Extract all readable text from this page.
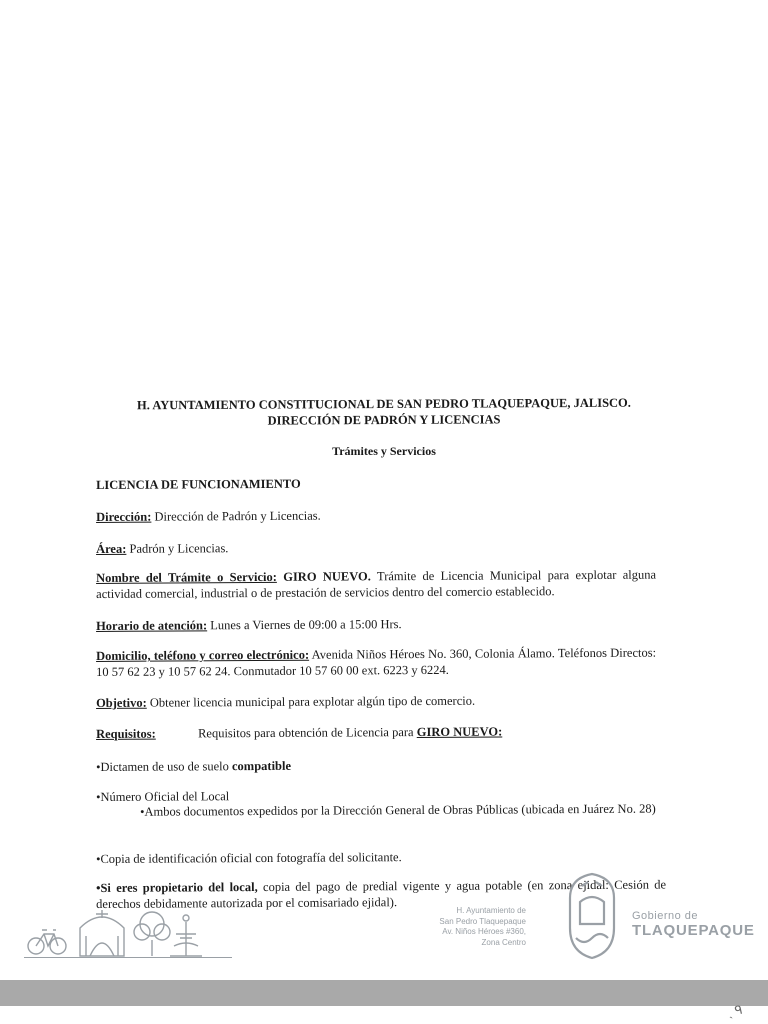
H. AYUNTAMIENTO CONSTITUCIONAL DE SAN PEDRO TLAQUEPAQUE, JALISCO.
DIRECCIÓN DE PADRÓN Y LICENCIAS
Trámites y Servicios
LICENCIA DE FUNCIONAMIENTO
Dirección: Dirección de Padrón y Licencias.
Área: Padrón y Licencias.
Nombre del Trámite o Servicio: GIRO NUEVO. Trámite de Licencia Municipal para explotar alguna actividad comercial, industrial o de prestación de servicios dentro del comercio establecido.
Horario de atención: Lunes a Viernes de 09:00 a 15:00 Hrs.
Domicilio, teléfono y correo electrónico: Avenida Niños Héroes No. 360, Colonia Álamo. Teléfonos Directos: 10 57 62 23 y 10 57 62 24. Conmutador 10 57 60 00 ext. 6223 y 6224.
Objetivo: Obtener licencia municipal para explotar algún tipo de comercio.
Requisitos:	Requisitos para obtención de Licencia para GIRO NUEVO:
•Dictamen de uso de suelo compatible
•Número Oficial del Local
•Ambos documentos expedidos por la Dirección General de Obras Públicas (ubicada en Juárez No. 28)
•Copia de identificación oficial con fotografía del solicitante.
•Si eres propietario del local, copia del pago de predial vigente y agua potable (en zona ejidal: Cesión de derechos debidamente autorizada por el comisariado ejidal).	H. Ayuntamiento de
San Pedro Tlaquepaque
Av. Niños Héroes #360,
Zona Centro
Gobierno de
TLAQUEPAQUE
ˎ ᑫ
